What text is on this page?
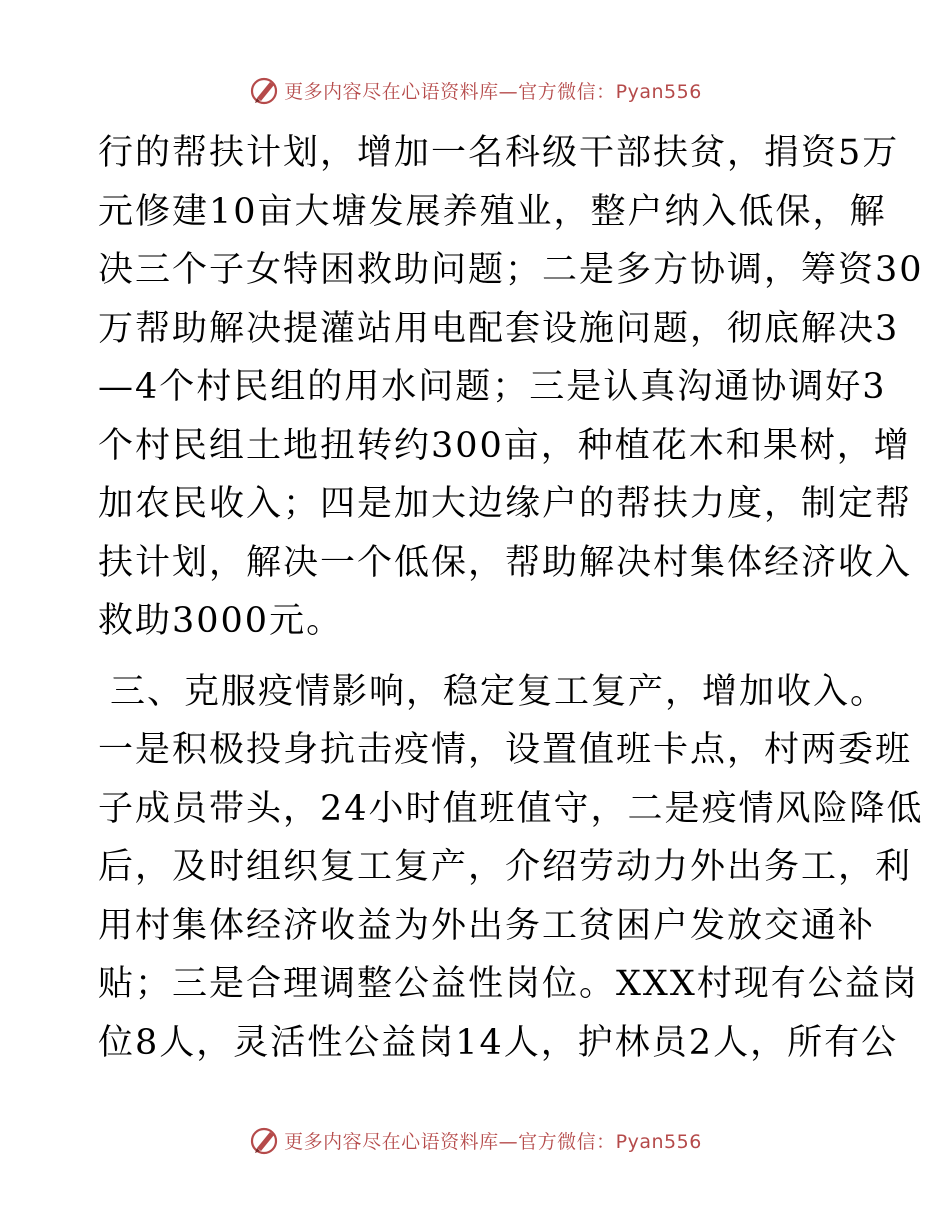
更多内容尽在心语资料库—官方微信：Pyan556

行的帮扶计划，增加一名科级干部扶贫，捐资5万
元修建10亩大塘发展养殖业，整户纳入低保，解
决三个子女特困救助问题；二是多方协调，筹资30
万帮助解决提灌站用电配套设施问题，彻底解决3
—4个村民组的用水问题；三是认真沟通协调好3
个村民组土地扭转约300亩，种植花木和果树，增
加农民收入；四是加大边缘户的帮扶力度，制定帮
扶计划，解决一个低保，帮助解决村集体经济收入
救助3000元。

三、克服疫情影响，稳定复工复产，增加收入。

一是积极投身抗击疫情，设置值班卡点，村两委班
子成员带头，24小时值班值守，二是疫情风险降低
后，及时组织复工复产，介绍劳动力外出务工，利
用村集体经济收益为外出务工贫困户发放交通补
贴；三是合理调整公益性岗位。XXX村现有公益岗
位8人，灵活性公益岗14人，护林员2人，所有公

更多内容尽在心语资料库—官方微信：Pyan556
